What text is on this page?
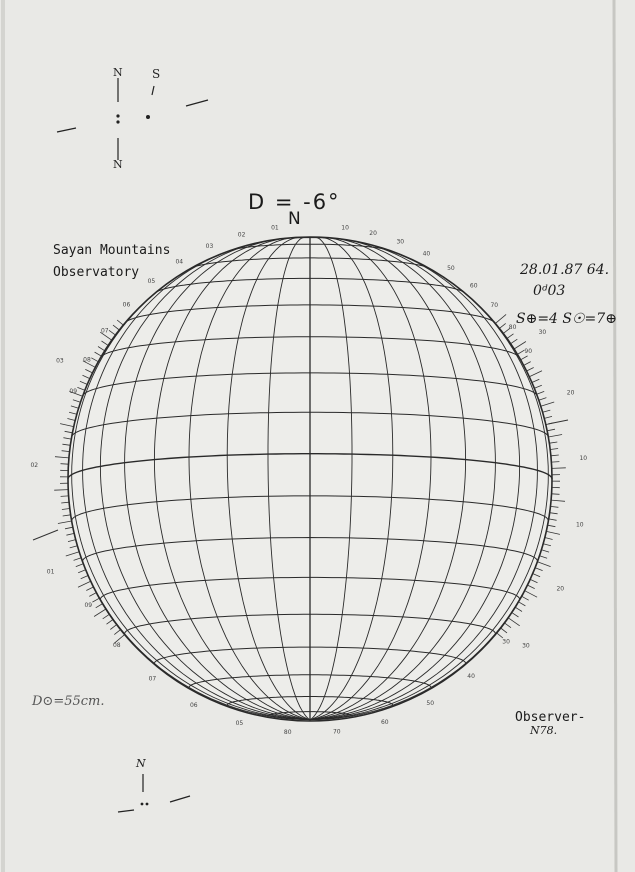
N S
N
09
08
07
06
05
04
03
02
01	10
20
30
40
50
60
70
80
90
01
02
03
30
20
10
10
20
30
09
08
07
06
05
80	70
60
50
40
30
D = -6°
N
Sayan Mountains
Observatory	28.01.87 64.
0ᵈ03
S⊕=4 S☉=7⊕
D⊙=55cm.
Observer-
N78.
N
